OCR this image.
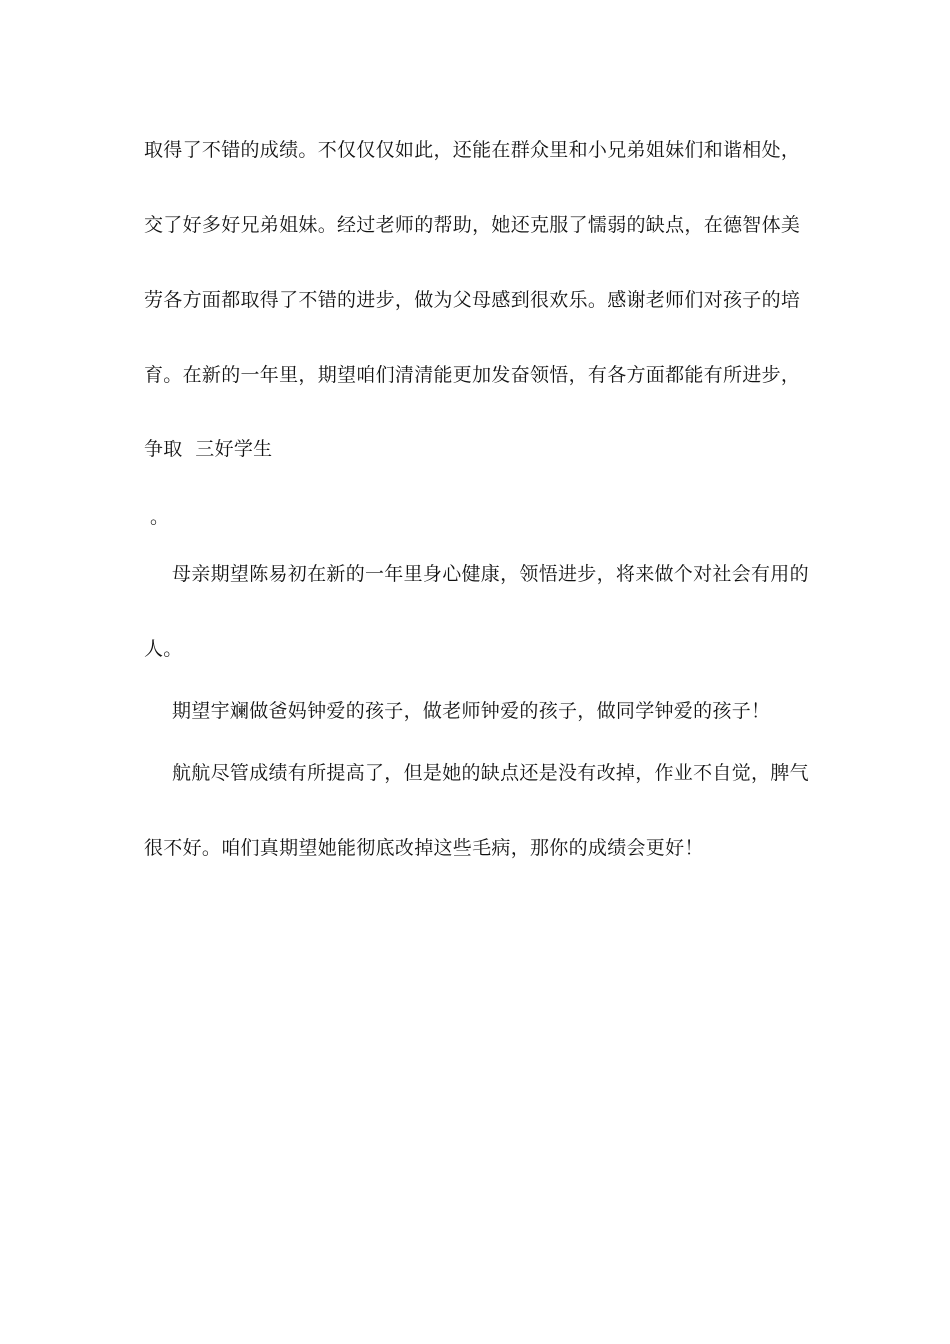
取得了不错的成绩。不仅仅仅如此，还能在群众里和小兄弟姐妹们和谐相处，
交了好多好兄弟姐妹。经过老师的帮助，她还克服了懦弱的缺点，在德智体美
劳各方面都取得了不错的进步，做为父母感到很欢乐。感谢老师们对孩子的培
育。在新的一年里，期望咱们清清能更加发奋领悟，有各方面都能有所进步，
争取  三好学生
。
母亲期望陈易初在新的一年里身心健康，领悟进步，将来做个对社会有用的
人。
期望宇斓做爸妈钟爱的孩子，做老师钟爱的孩子，做同学钟爱的孩子！
航航尽管成绩有所提高了，但是她的缺点还是没有改掉，作业不自觉，脾气
很不好。咱们真期望她能彻底改掉这些毛病，那你的成绩会更好！
